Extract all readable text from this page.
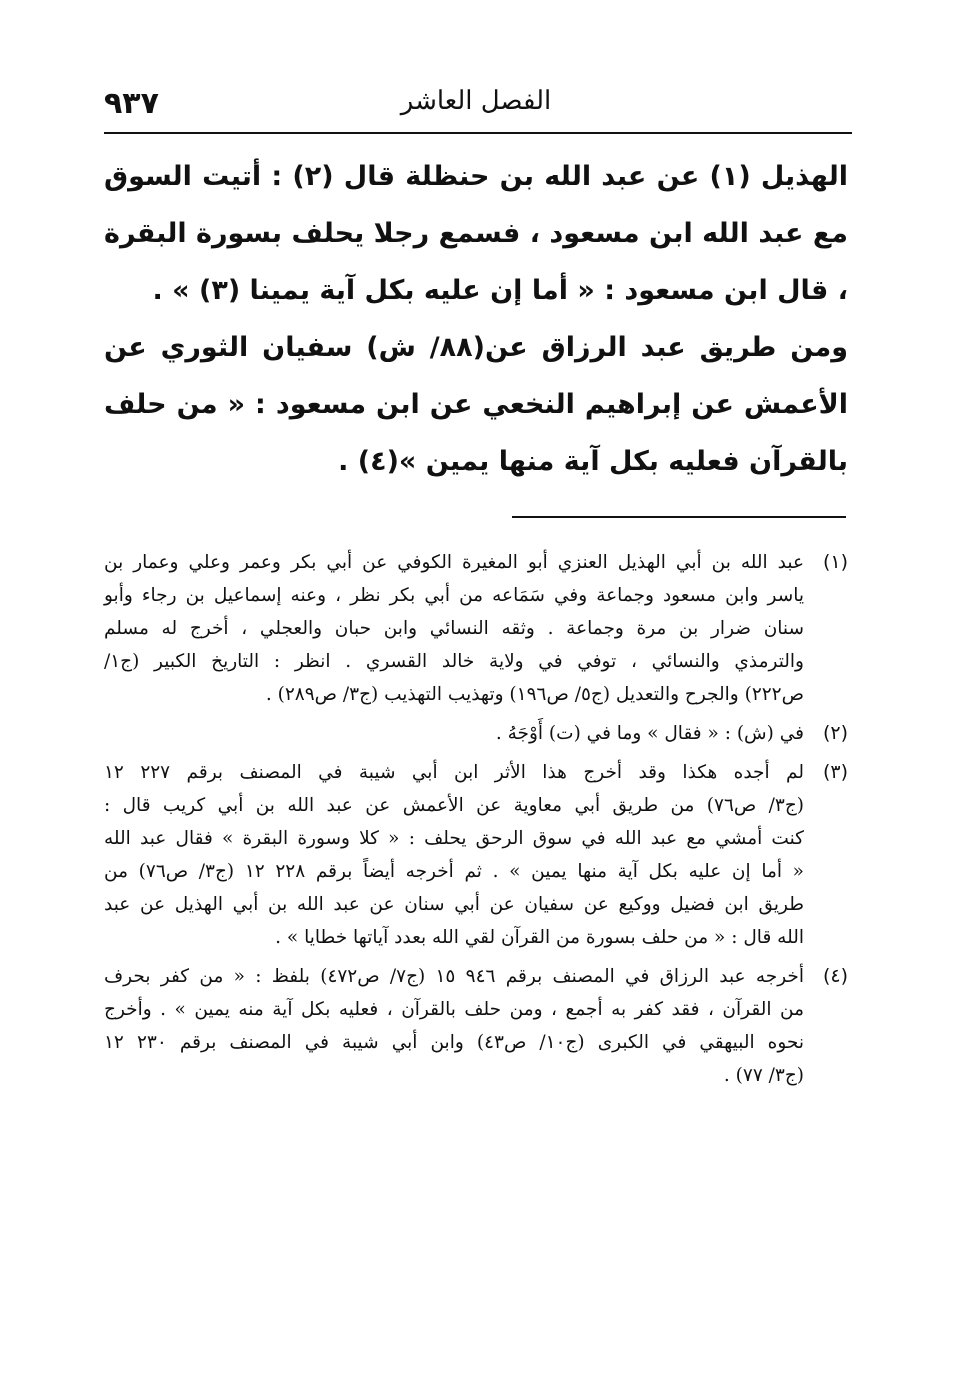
٩٣٧	الفصل العاشر

الهذيل (١) عن عبد الله بن حنظلة قال (٢) : أتيت السوق مع عبد الله ابن مسعود ، فسمع رجلا يحلف بسورة البقرة ، قال ابن مسعود : « أما إن عليه بكل آية يمينا (٣) » .

ومن طريق عبد الرزاق عن(٨٨/ ش) سفيان الثوري عن الأعمش عن إبراهيم النخعي عن ابن مسعود : « من حلف بالقرآن فعليه بكل آية منها يمين »(٤) .

(١)
عبد الله بن أبي الهذيل العنزي أبو المغيرة الكوفي عن أبي بكر وعمر وعلي وعمار بن
ياسر وابن مسعود وجماعة وفي سَمَاعه من أبي بكر نظر ، وعنه إسماعيل بن رجاء وأبو
سنان ضرار بن مرة وجماعة . وثقه النسائي وابن حبان والعجلي ، أخرج له مسلم
والترمذي والنسائي ، توفي في ولاية خالد القسري . انظر : التاريخ الكبير (ج١/
ص٢٢٢) والجرح والتعديل (ج٥/ ص١٩٦) وتهذيب التهذيب (ج٣/ ص٢٨٩) .
(٢)
في (ش) : « فقال » وما في (ت) أَوْجَهُ .
(٣)
لم أجده هكذا وقد أخرج هذا الأثر ابن أبي شيبة في المصنف برقم ٢٢٧ ١٢
(ج٣/ ص٧٦) من طريق أبي معاوية عن الأعمش عن عبد الله بن أبي كريب قال :
كنت أمشي مع عبد الله في سوق الرحق يحلف : « كلا وسورة البقرة » فقال عبد الله
« أما إن عليه بكل آية منها يمين » . ثم أخرجه أيضاً برقم ٢٢٨ ١٢ (ج٣/ ص٧٦) من
طريق ابن فضيل ووكيع عن سفيان عن أبي سنان عن عبد الله بن أبي الهذيل عن عبد
الله قال : « من حلف بسورة من القرآن لقي الله بعدد آياتها خطايا » .
(٤)
أخرجه عبد الرزاق في المصنف برقم ٩٤٦ ١٥ (ج٧/ ص٤٧٢) بلفظ : « من كفر بحرف
من القرآن ، فقد كفر به أجمع ، ومن حلف بالقرآن ، فعليه بكل آية منه يمين » . وأخرج
نحوه البيهقي في الكبرى (ج١٠/ ص٤٣) وابن أبي شيبة في المصنف برقم ٢٣٠ ١٢
(ج٣/ ٧٧) .
